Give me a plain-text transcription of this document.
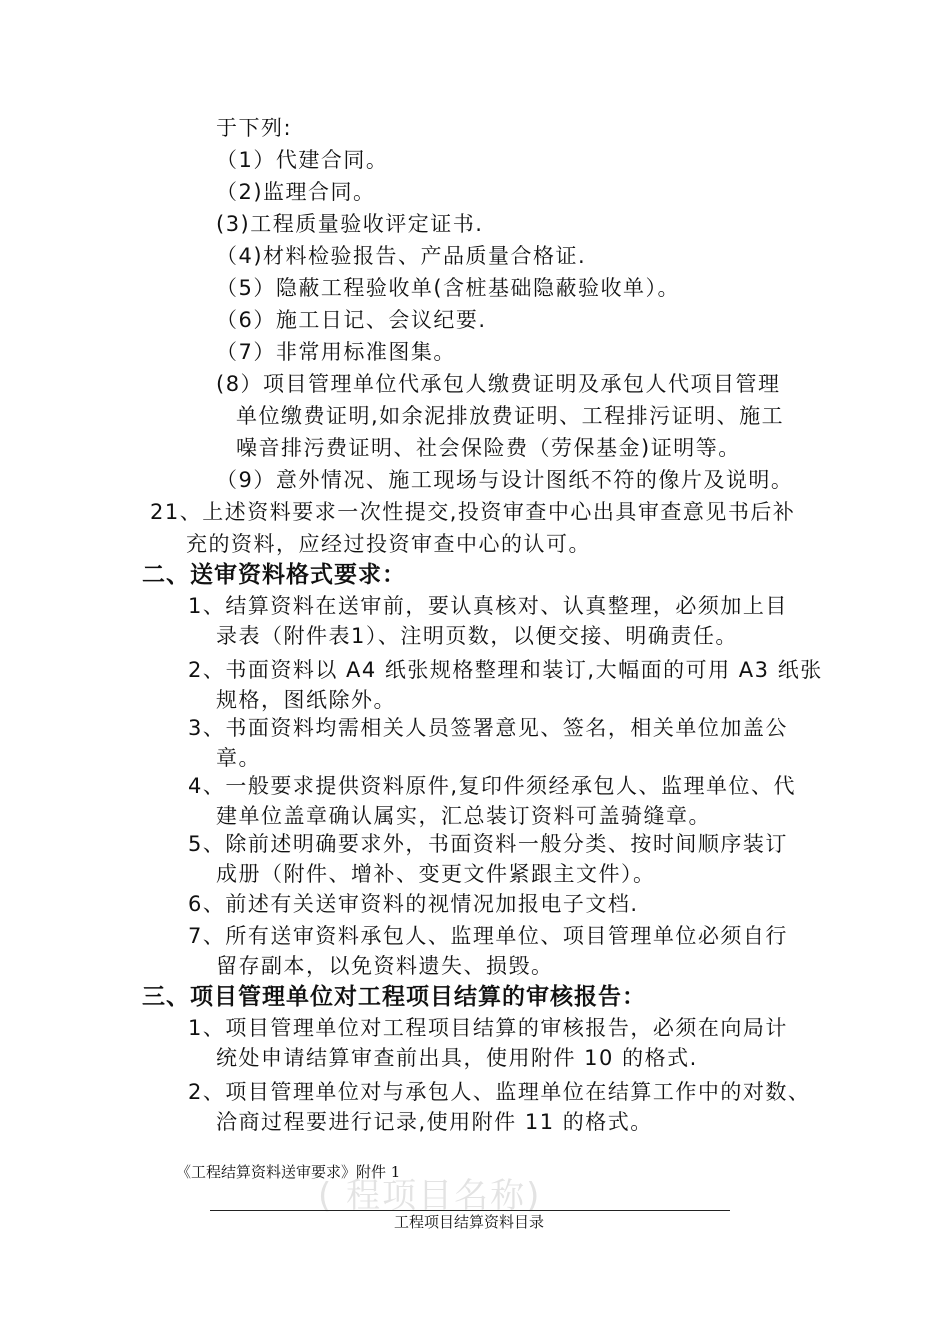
于下列:
（1）代建合同。
（2)监理合同。
(3)工程质量验收评定证书.
（4)材料检验报告、产品质量合格证.
（5）隐蔽工程验收单(含桩基础隐蔽验收单）。
（6）施工日记、会议纪要.
（7）非常用标准图集。
(8）项目管理单位代承包人缴费证明及承包人代项目管理
单位缴费证明,如余泥排放费证明、工程排污证明、施工
噪音排污费证明、社会保险费（劳保基金)证明等。
（9）意外情况、施工现场与设计图纸不符的像片及说明。
21、上述资料要求一次性提交,投资审查中心出具审查意见书后补
充的资料，应经过投资审查中心的认可。
二、送审资料格式要求：
1、结算资料在送审前，要认真核对、认真整理，必须加上目
录表（附件表1）、注明页数，以便交接、明确责任。
2、书面资料以 A4 纸张规格整理和装订,大幅面的可用 A3 纸张
规格，图纸除外。
3、书面资料均需相关人员签署意见、签名，相关单位加盖公
章。
4、一般要求提供资料原件,复印件须经承包人、监理单位、代
建单位盖章确认属实，汇总装订资料可盖骑缝章。
5、除前述明确要求外，书面资料一般分类、按时间顺序装订
成册（附件、增补、变更文件紧跟主文件）。
6、前述有关送审资料的视情况加报电子文档.
7、所有送审资料承包人、监理单位、项目管理单位必须自行
留存副本，以免资料遗失、损毁。
三、项目管理单位对工程项目结算的审核报告：
1、项目管理单位对工程项目结算的审核报告，必须在向局计
统处申请结算审查前出具，使用附件 10 的格式.
2、项目管理单位对与承包人、监理单位在结算工作中的对数、
洽商过程要进行记录,使用附件 11 的格式。
( 程项目名称)
《工程结算资料送审要求》附件 1
工程项目结算资料目录
